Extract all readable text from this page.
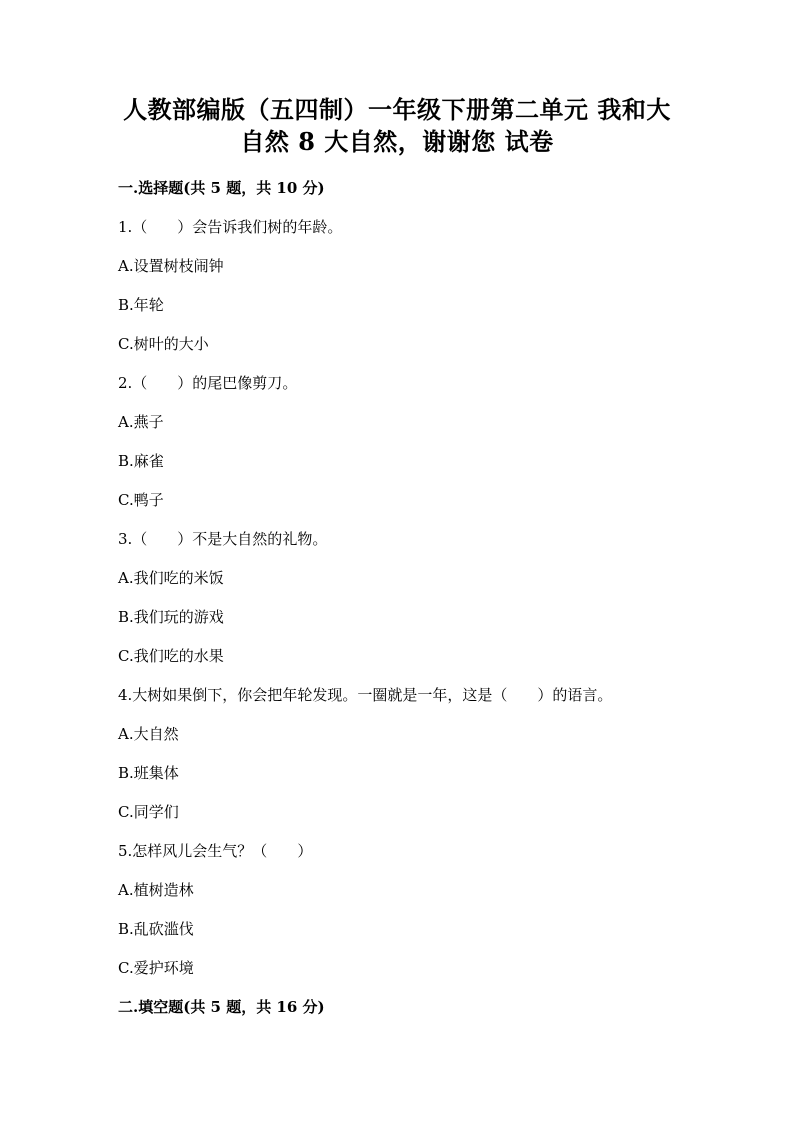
人教部编版（五四制）一年级下册第二单元 我和大
自然 8 大自然，谢谢您 试卷
一.选择题(共 5 题，共 10 分)
1.（　　）会告诉我们树的年龄。
A.设置树枝闹钟
B.年轮
C.树叶的大小
2.（　　）的尾巴像剪刀。
A.燕子
B.麻雀
C.鸭子
3.（　　）不是大自然的礼物。
A.我们吃的米饭
B.我们玩的游戏
C.我们吃的水果
4.大树如果倒下，你会把年轮发现。一圈就是一年，这是（　　）的语言。
A.大自然
B.班集体
C.同学们
5.怎样风儿会生气？（　　）
A.植树造林
B.乱砍滥伐
C.爱护环境
二.填空题(共 5 题，共 16 分)
